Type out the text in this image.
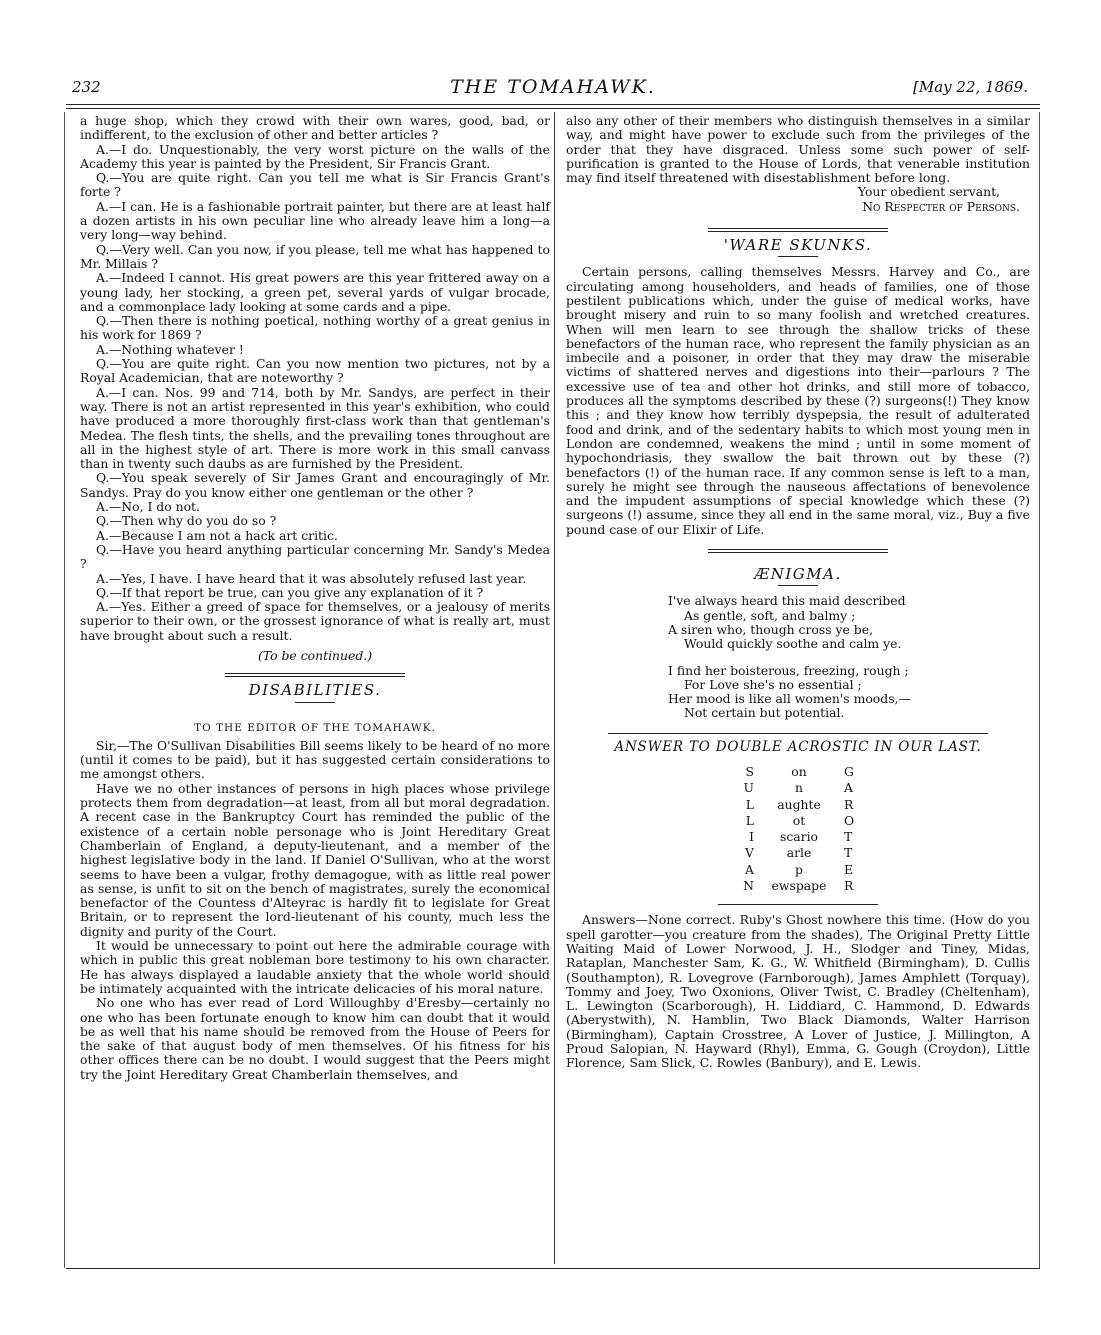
232	THE TOMAHAWK.	[May 22, 1869.

a huge shop, which they crowd with their own wares, good, bad, or indifferent, to the exclusion of other and better articles ?

A.—I do. Unquestionably, the very worst picture on the walls of the Academy this year is painted by the President, Sir Francis Grant.

Q.—You are quite right. Can you tell me what is Sir Francis Grant's forte ?

A.—I can. He is a fashionable portrait painter, but there are at least half a dozen artists in his own peculiar line who already leave him a long—a very long—way behind.

Q.—Very well. Can you now, if you please, tell me what has happened to Mr. Millais ?

A.—Indeed I cannot. His great powers are this year frittered away on a young lady, her stocking, a green pet, several yards of vulgar brocade, and a commonplace lady looking at some cards and a pipe.

Q.—Then there is nothing poetical, nothing worthy of a great genius in his work for 1869 ?

A.—Nothing whatever !

Q.—You are quite right. Can you now mention two pictures, not by a Royal Academician, that are noteworthy ?

A.—I can. Nos. 99 and 714, both by Mr. Sandys, are perfect in their way. There is not an artist represented in this year's exhibition, who could have produced a more thoroughly first-class work than that gentleman's Medea. The flesh tints, the shells, and the prevailing tones throughout are all in the highest style of art. There is more work in this small canvass than in twenty such daubs as are furnished by the President.

Q.—You speak severely of Sir James Grant and encouragingly of Mr. Sandys. Pray do you know either one gentleman or the other ?

A.—No, I do not.

Q.—Then why do you do so ?

A.—Because I am not a hack art critic.

Q.—Have you heard anything particular concerning Mr. Sandy's Medea ?

A.—Yes, I have. I have heard that it was absolutely refused last year.

Q.—If that report be true, can you give any explanation of it ?

A.—Yes. Either a greed of space for themselves, or a jealousy of merits superior to their own, or the grossest ignorance of what is really art, must have brought about such a result.

(To be continued.)

DISABILITIES.
TO THE EDITOR OF THE TOMAHAWK.

Sir,—The O'Sullivan Disabilities Bill seems likely to be heard of no more (until it comes to be paid), but it has suggested certain considerations to me amongst others.

Have we no other instances of persons in high places whose privilege protects them from degradation—at least, from all but moral degradation. A recent case in the Bankruptcy Court has reminded the public of the existence of a certain noble personage who is Joint Hereditary Great Chamberlain of England, a deputy-lieutenant, and a member of the highest legislative body in the land. If Daniel O'Sullivan, who at the worst seems to have been a vulgar, frothy demagogue, with as little real power as sense, is unfit to sit on the bench of magistrates, surely the economical benefactor of the Countess d'Alteyrac is hardly fit to legislate for Great Britain, or to represent the lord-lieutenant of his county, much less the dignity and purity of the Court.

It would be unnecessary to point out here the admirable courage with which in public this great nobleman bore testimony to his own character. He has always displayed a laudable anxiety that the whole world should be intimately acquainted with the intricate delicacies of his moral nature.

No one who has ever read of Lord Willoughby d'Eresby—certainly no one who has been fortunate enough to know him can doubt that it would be as well that his name should be removed from the House of Peers for the sake of that august body of men themselves. Of his fitness for his other offices there can be no doubt. I would suggest that the Peers might try the Joint Hereditary Great Chamberlain themselves, and

also any other of their members who distinguish themselves in a similar way, and might have power to exclude such from the privileges of the order that they have disgraced. Unless some such power of self-purification is granted to the House of Lords, that venerable institution may find itself threatened with disestablishment before long.

Your obedient servant,

No Respecter of Persons.

'WARE SKUNKS.

Certain persons, calling themselves Messrs. Harvey and Co., are circulating among householders, and heads of families, one of those pestilent publications which, under the guise of medical works, have brought misery and ruin to so many foolish and wretched creatures. When will men learn to see through the shallow tricks of these benefactors of the human race, who represent the family physician as an imbecile and a poisoner, in order that they may draw the miserable victims of shattered nerves and digestions into their—parlours ? The excessive use of tea and other hot drinks, and still more of tobacco, produces all the symptoms described by these (?) surgeons(!) They know this ; and they know how terribly dyspepsia, the result of adulterated food and drink, and of the sedentary habits to which most young men in London are condemned, weakens the mind ; until in some moment of hypochondriasis, they swallow the bait thrown out by these (?) benefactors (!) of the human race. If any common sense is left to a man, surely he might see through the nauseous affectations of benevolence and the impudent assumptions of special knowledge which these (?) surgeons (!) assume, since they all end in the same moral, viz., Buy a five pound case of our Elixir of Life.

ÆNIGMA.

I've always heard this maid described

As gentle, soft, and balmy ;

A siren who, though cross ye be,

Would quickly soothe and calm ye.

I find her boisterous, freezing, rough ;

For Love she's no essential ;

Her mood is like all women's moods,—

Not certain but potential.

ANSWER TO DOUBLE ACROSTIC IN OUR LAST.
S	on	G
U	n	A
L	aughte	R
L	ot	O
I	scario	T
V	arle	T
A	p	E
N	ewspape	R

Answers—None correct. Ruby's Ghost nowhere this time. (How do you spell garotter—you creature from the shades), The Original Pretty Little Waiting Maid of Lower Norwood, J. H., Slodger and Tiney, Midas, Rataplan, Manchester Sam, K. G., W. Whitfield (Birmingham), D. Cullis (Southampton), R. Lovegrove (Farnborough), James Amphlett (Torquay), Tommy and Joey, Two Oxonions, Oliver Twist, C. Bradley (Cheltenham), L. Lewington (Scarborough), H. Liddiard, C. Hammond, D. Edwards (Aberystwith), N. Hamblin, Two Black Diamonds, Walter Harrison (Birmingham), Captain Crosstree, A Lover of Justice, J. Millington, A Proud Salopian, N. Hayward (Rhyl), Emma, G. Gough (Croydon), Little Florence, Sam Slick, C. Rowles (Banbury), and E. Lewis.
